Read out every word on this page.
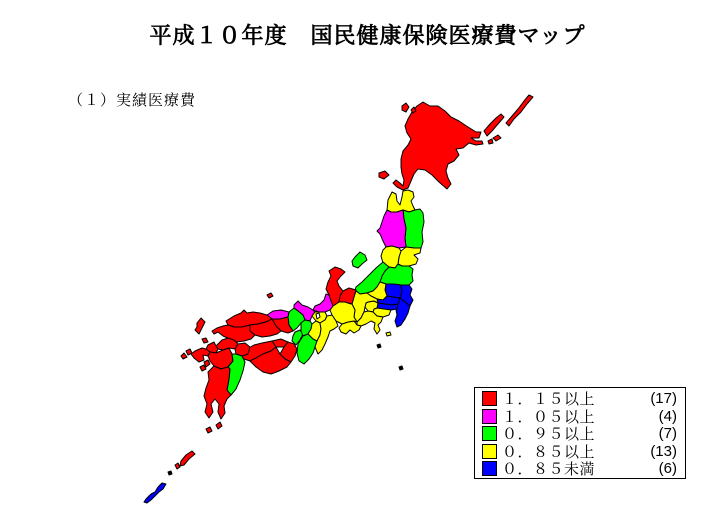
平成１０年度　国民健康保険医療費マップ
（１）実績医療費
１．１５以上	(17)
１．０５以上	(4)
０．９５以上	(7)
０．８５以上	(13)
０．８５未満	(6)
